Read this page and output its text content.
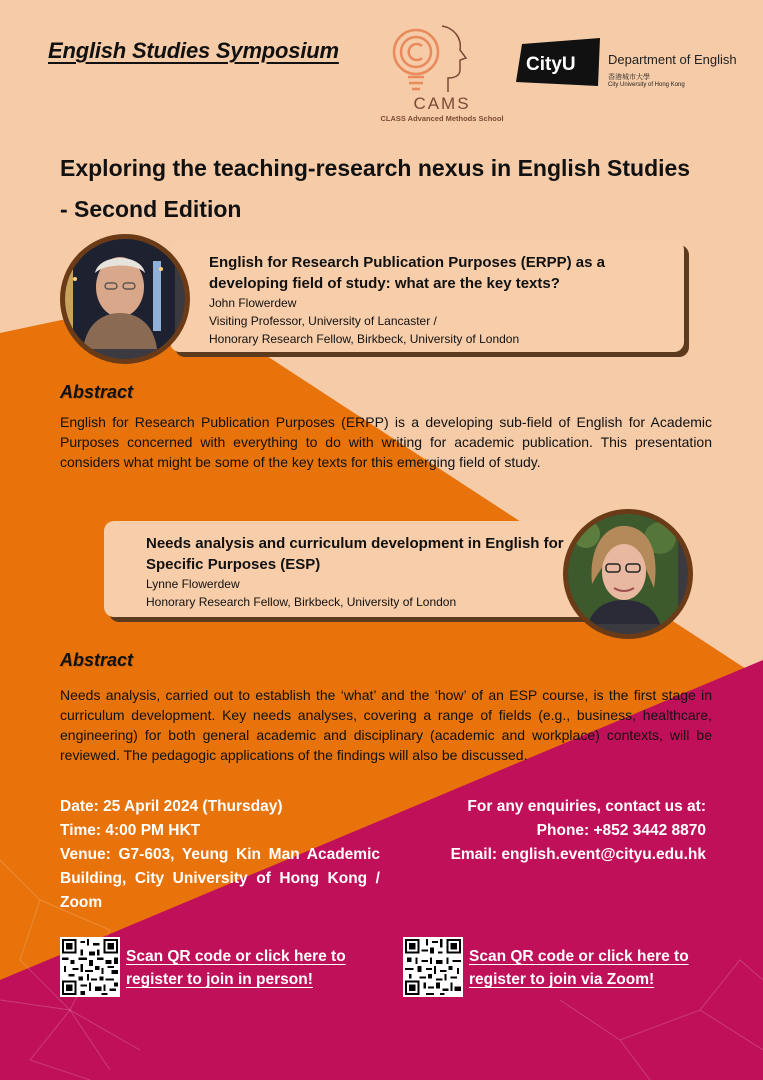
English Studies Symposium
CAMS
CLASS Advanced Methods School
CityU Department of English
香港城市大學
City University of Hong Kong
Exploring the teaching-research nexus in English Studies
- Second Edition
English for Research Publication Purposes (ERPP) as a developing field of study: what are the key texts?
John Flowerdew
Visiting Professor, University of Lancaster /
Honorary Research Fellow, Birkbeck, University of London
Abstract
English for Research Publication Purposes (ERPP) is a developing sub-field of English for Academic Purposes concerned with everything to do with writing for academic publication. This presentation considers what might be some of the key texts for this emerging field of study.
Needs analysis and curriculum development in English for Specific Purposes (ESP)
Lynne Flowerdew
Honorary Research Fellow, Birkbeck, University of London
Abstract
Needs analysis, carried out to establish the ‘what’ and the ‘how’ of an ESP course, is the first stage in curriculum development. Key needs analyses, covering a range of fields (e.g., business, healthcare, engineering) for both general academic and disciplinary (academic and workplace) contexts, will be reviewed. The pedagogic applications of the findings will also be discussed.
Date: 25 April 2024 (Thursday)
Time: 4:00 PM HKT
Venue: G7-603, Yeung Kin Man Academic Building, City University of Hong Kong / Zoom
For any enquiries, contact us at:
Phone: +852 3442 8870
Email: english.event@cityu.edu.hk
Scan QR code or click here to register to join in person!
Scan QR code or click here to register to join via Zoom!
